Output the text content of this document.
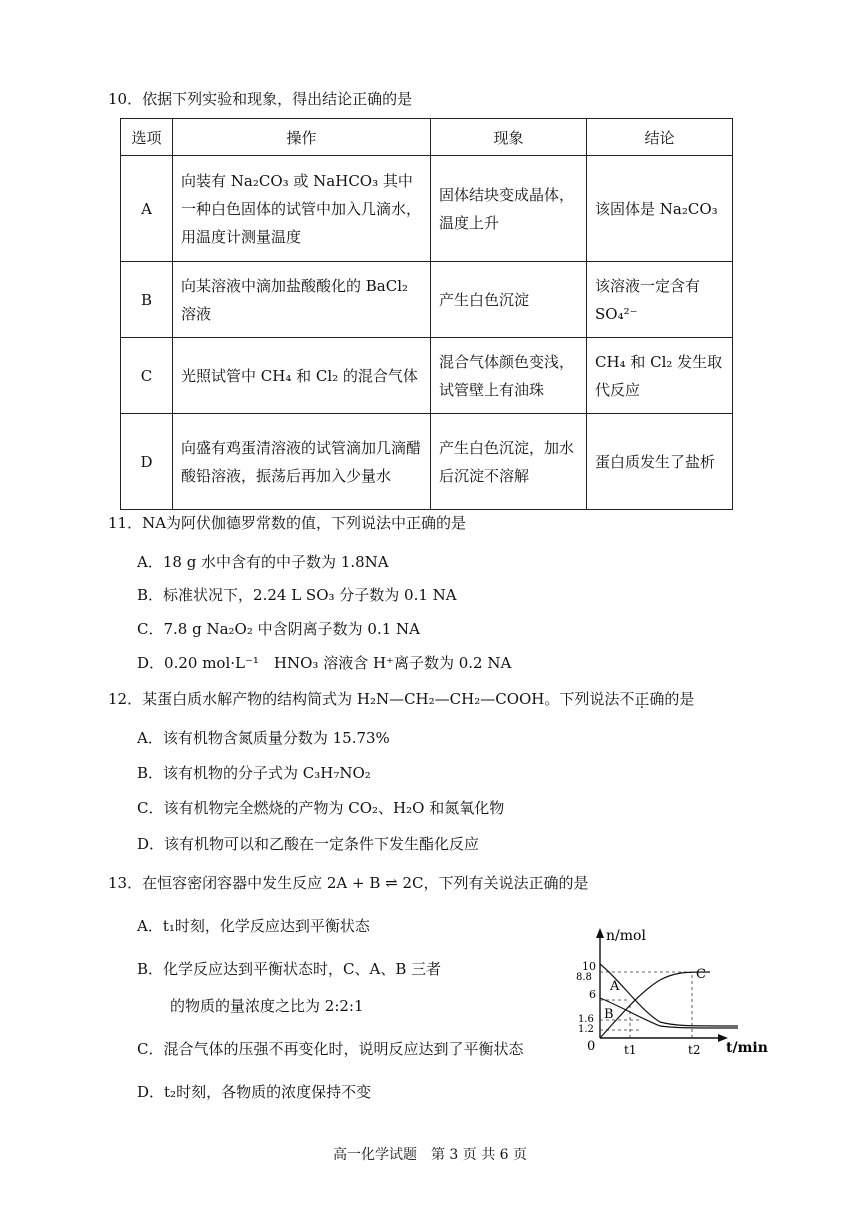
10．依据下列实验和现象，得出结论正确的是
选项	操作	现象	结论
A	向装有 Na₂CO₃ 或 NaHCO₃ 其中一种白色固体的试管中加入几滴水，用温度计测量温度	固体结块变成晶体，温度上升	该固体是 Na₂CO₃
B	向某溶液中滴加盐酸酸化的 BaCl₂ 溶液	产生白色沉淀	该溶液一定含有 SO₄²⁻
C	光照试管中 CH₄ 和 Cl₂ 的混合气体	混合气体颜色变浅，试管壁上有油珠	CH₄ 和 Cl₂ 发生取代反应
D	向盛有鸡蛋清溶液的试管滴加几滴醋酸铅溶液，振荡后再加入少量水	产生白色沉淀，加水后沉淀不溶解	蛋白质发生了盐析
11．NA为阿伏伽德罗常数的值，下列说法中正确的是
A．18 g 水中含有的中子数为 1.8NA
B．标准状况下，2.24 L SO₃ 分子数为 0.1 NA
C．7.8 g Na₂O₂ 中含阴离子数为 0.1 NA
D．0.20 mol·L⁻¹　HNO₃ 溶液含 H⁺离子数为 0.2 NA
12．某蛋白质水解产物的结构简式为 H₂N—CH₂—CH₂—COOH。下列说法不正确的是
A．该有机物含氮质量分数为 15.73%
B．该有机物的分子式为 C₃H₇NO₂
C．该有机物完全燃烧的产物为 CO₂、H₂O 和氮氧化物
D．该有机物可以和乙酸在一定条件下发生酯化反应
13．在恒容密闭容器中发生反应 2A + B ⇌ 2C，下列有关说法正确的是
A．t₁时刻，化学反应达到平衡状态
B．化学反应达到平衡状态时，C、A、B 三者
的物质的量浓度之比为 2:2:1
C．混合气体的压强不再变化时，说明反应达到了平衡状态
D．t₂时刻，各物质的浓度保持不变
n/mol
t/min
0
10
8.8
6
1.6
1.2
t1	t2
A
B
C
高一化学试题　第 3 页 共 6 页
